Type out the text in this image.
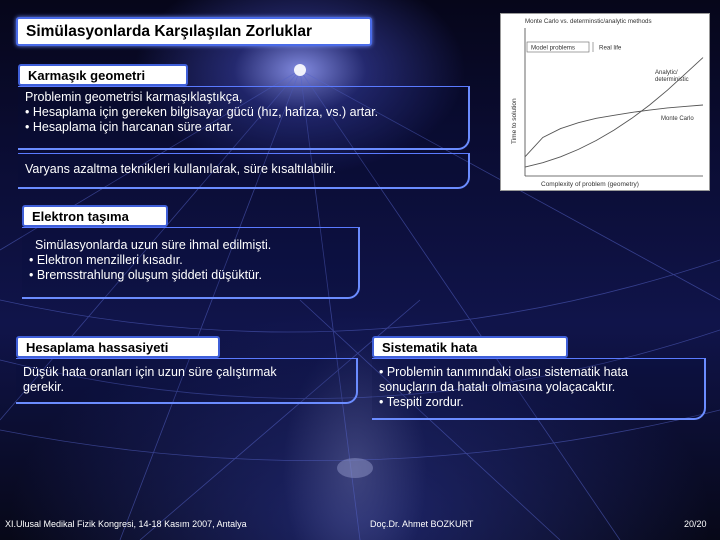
Simülasyonlarda Karşılaşılan Zorluklar
Karmaşık geometri

Problemin geometrisi karmaşıklaştıkça,

• Hesaplama için gereken bilgisayar gücü (hız, hafıza, vs.) artar.

• Hesaplama için harcanan süre artar.

Varyans azaltma teknikleri kullanılarak, süre kısaltılabilir.

Monte Carlo vs. determinstic/analytic methods
Time to solution
Complexity of problem (geometry)
Model problems	Real life
Analytic/ deterministic
Monte Carlo
Elektron taşıma

Simülasyonlarda uzun süre ihmal edilmişti.

• Elektron menzilleri kısadır.

• Bremsstrahlung oluşum şiddeti düşüktür.

Hesaplama hassasiyeti

Düşük hata oranları için uzun süre çalıştırmak

gerekir.

Sistematik hata

• Problemin tanımındaki olası sistematik hata

sonuçların da hatalı olmasına yolaçacaktır.

• Tespiti zordur.

XI.Ulusal Medikal Fizik Kongresi, 14-18 Kasım 2007, Antalya	Doç.Dr. Ahmet BOZKURT	20/20
